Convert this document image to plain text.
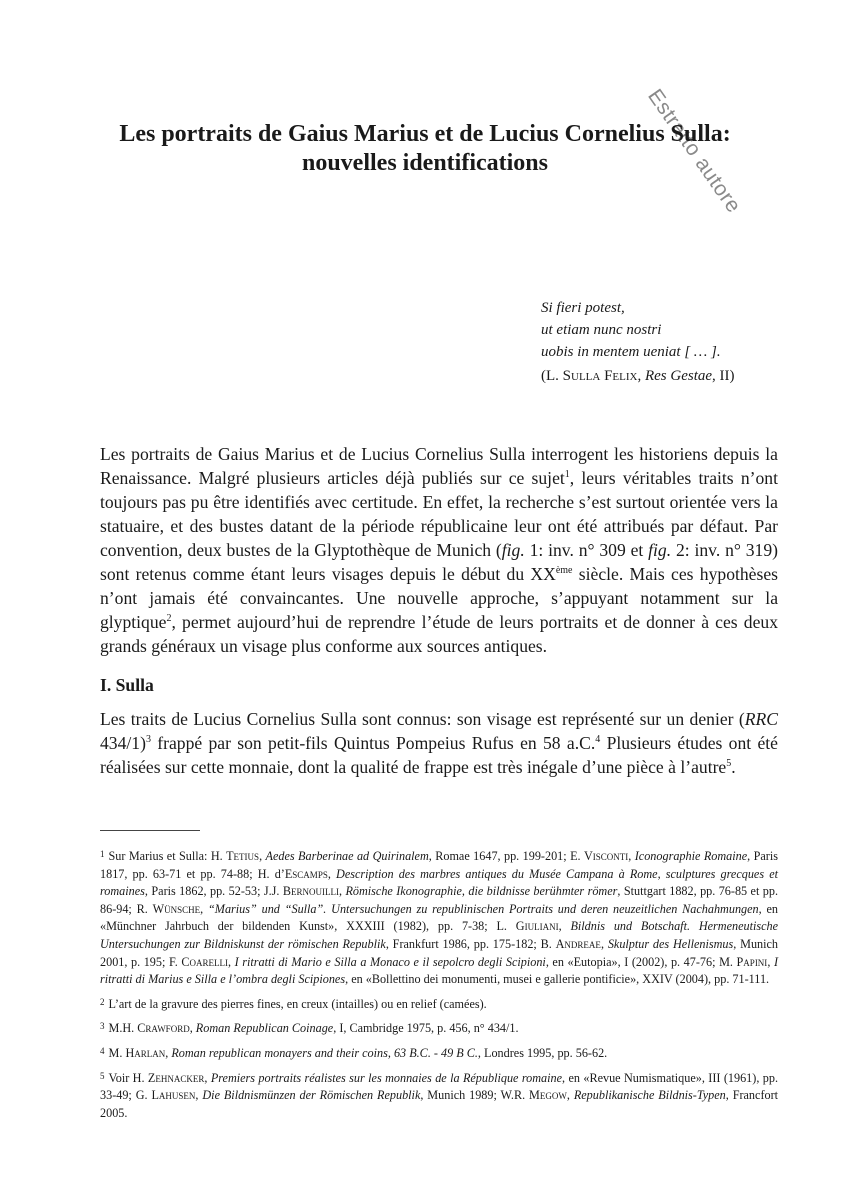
Estratto autore
Les portraits de Gaius Marius et de Lucius Cornelius Sulla:
nouvelles identifications
Si fieri potest,
ut etiam nunc nostri
uobis in mentem ueniat [ … ].
(L. Sulla Felix, Res Gestae, II)
Les portraits de Gaius Marius et de Lucius Cornelius Sulla interrogent les historiens depuis la Renaissance. Malgré plusieurs articles déjà publiés sur ce sujet$^1$, leurs véritables traits n’ont toujours pas pu être identifiés avec certitude. En effet, la recherche s’est surtout orientée vers la statuaire, et des bustes datant de la période républicaine leur ont été attribués par défaut. Par convention, deux bustes de la Glyptothèque de Munich (fig. 1: inv. n° 309 et fig. 2: inv. n° 319) sont retenus comme étant leurs visages depuis le début du XXème siècle. Mais ces hypothèses n’ont jamais été convaincantes. Une nouvelle approche, s’appuyant notamment sur la glyptique$^2$, permet aujourd’hui de reprendre l’étude de leurs portraits et de donner à ces deux grands généraux un visage plus conforme aux sources antiques.
I. Sulla
Les traits de Lucius Cornelius Sulla sont connus: son visage est représenté sur un denier (RRC 434/1)$^3$ frappé par son petit-fils Quintus Pompeius Rufus en 58 a.C.$^4$ Plusieurs études ont été réalisées sur cette monnaie, dont la qualité de frappe est très inégale d’une pièce à l’autre$^5$.
$^1$ Sur Marius et Sulla: H. Tetius, Aedes Barberinae ad Quirinalem, Romae 1647, pp. 199-201; E. Visconti, Iconographie Romaine, Paris 1817, pp. 63-71 et pp. 74-88; H. d’Escamps, Description des marbres antiques du Musée Campana à Rome, sculptures grecques et romaines, Paris 1862, pp. 52-53; J.J. Bernouilli, Römische Ikonographie, die bildnisse berühmter römer, Stuttgart 1882, pp. 76-85 et pp. 86-94; R. Wünsche, “Marius” und “Sulla”. Untersuchungen zu republinischen Portraits und deren neuzeitlichen Nachahmungen, en «Münchner Jahrbuch der bildenden Kunst», XXXIII (1982), pp. 7-38; L. Giuliani, Bildnis und Botschaft. Hermeneutische Untersuchungen zur Bildniskunst der römischen Republik, Frankfurt 1986, pp. 175-182; B. Andreae, Skulptur des Hellenismus, Munich 2001, p. 195; F. Coarelli, I ritratti di Mario e Silla a Monaco e il sepolcro degli Scipioni, en «Eutopia», I (2002), p. 47-76; M. Papini, I ritratti di Marius e Silla e l’ombra degli Scipiones, en «Bollettino dei monumenti, musei e gallerie pontificie», XXIV (2004), pp. 71-111.
$^2$ L’art de la gravure des pierres fines, en creux (intailles) ou en relief (camées).
$^3$ M.H. Crawford, Roman Republican Coinage, I, Cambridge 1975, p. 456, n° 434/1.
$^4$ M. Harlan, Roman republican monayers and their coins, 63 B.C. - 49 B C., Londres 1995, pp. 56-62.
$^5$ Voir H. Zehnacker, Premiers portraits réalistes sur les monnaies de la République romaine, en «Revue Numismatique», III (1961), pp. 33-49; G. Lahusen, Die Bildnismünzen der Römischen Republik, Munich 1989; W.R. Megow, Republikanische Bildnis-Typen, Francfort 2005.
